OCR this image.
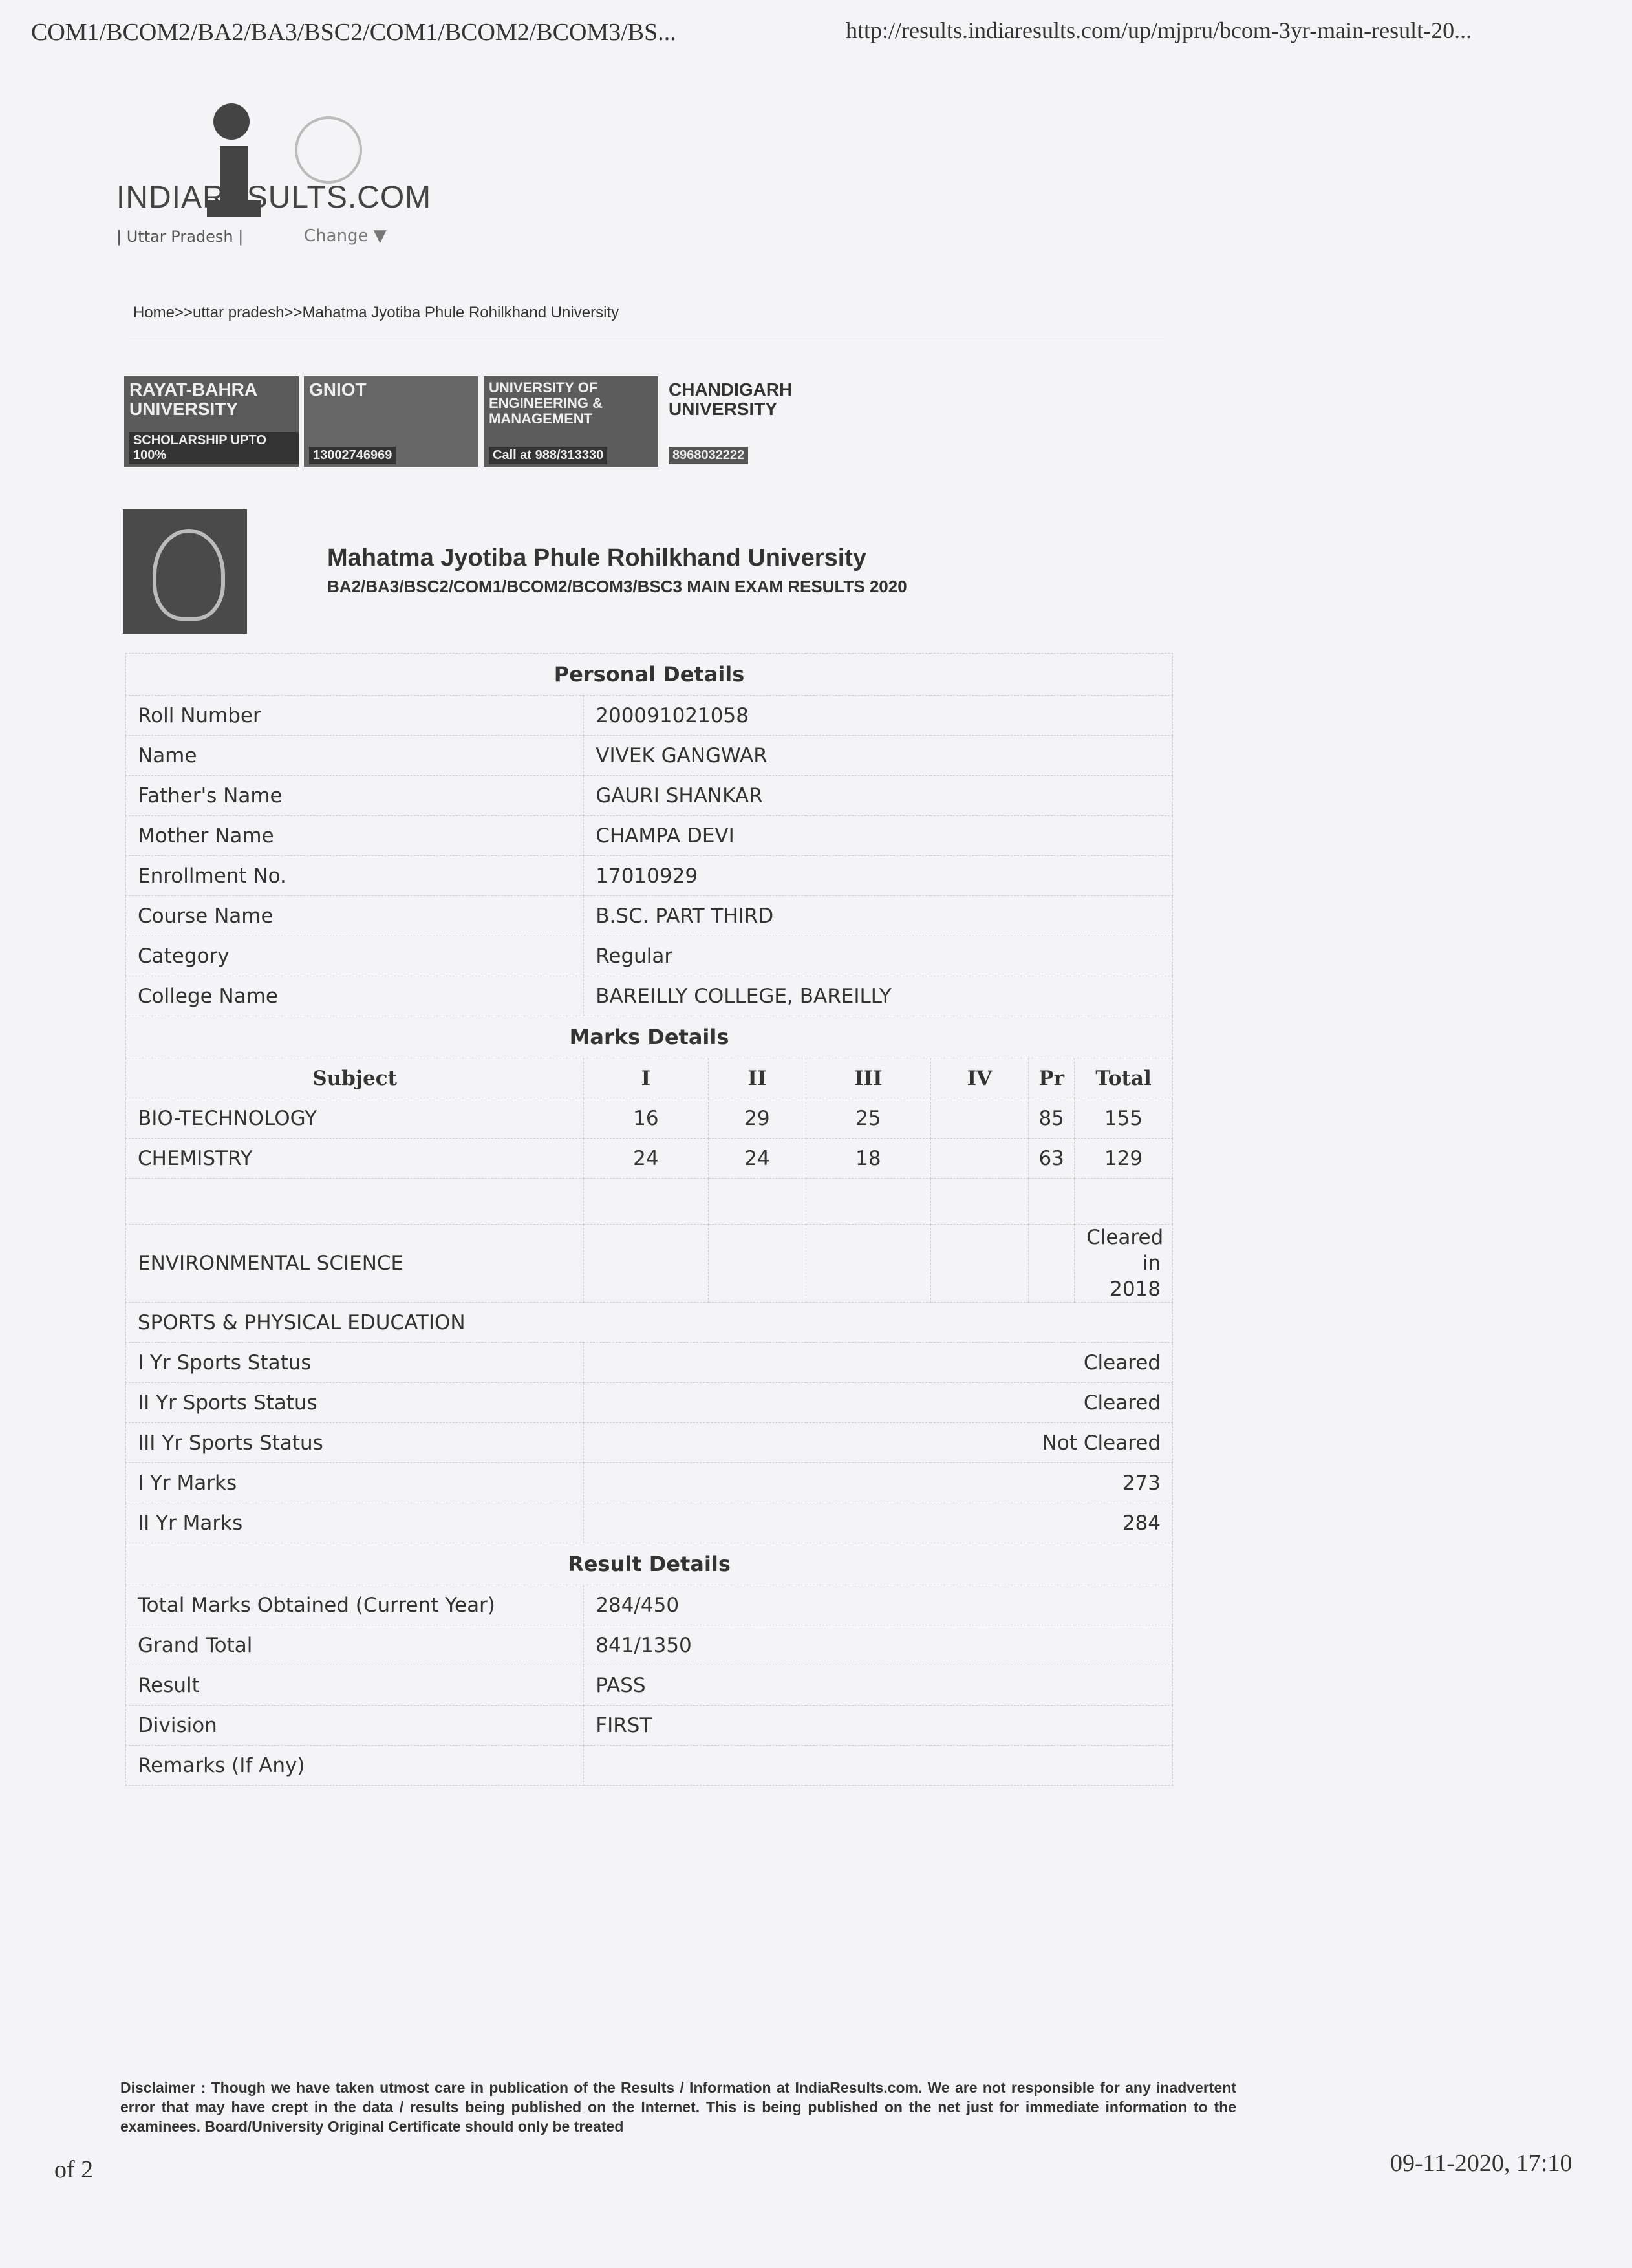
COM1/BCOM2/BA2/BA3/BSC2/COM1/BCOM2/BCOM3/BS...	http://results.indiaresults.com/up/mjpru/bcom-3yr-main-result-20...
INDIARESULTS.COM
| Uttar Pradesh |	Change ▼
Home>>uttar pradesh>>Mahatma Jyotiba Phule Rohilkhand University
RAYAT-BAHRA UNIVERSITY
SCHOLARSHIP UPTO 100%
GNIOT
13002746969
UNIVERSITY OF ENGINEERING & MANAGEMENT
Call at 988/313330
CHANDIGARH UNIVERSITY
8968032222
Mahatma Jyotiba Phule Rohilkhand University
BA2/BA3/BSC2/COM1/BCOM2/BCOM3/BSC3 MAIN EXAM RESULTS 2020
Personal Details						
Roll Number	200091021058					
Name	VIVEK GANGWAR					
Father's Name	GAURI SHANKAR					
Mother Name	CHAMPA DEVI					
Enrollment No.	17010929					
Course Name	B.SC. PART THIRD					
Category	Regular					
College Name	BAREILLY COLLEGE, BAREILLY					
Marks Details						
Subject	I	II	III	IV	Pr	Total
BIO-TECHNOLOGY	16	29	25		85	155
CHEMISTRY	24	24	18		63	129

ENVIRONMENTAL SCIENCE						Cleared in 2018
SPORTS & PHYSICAL EDUCATION						
I Yr Sports Status	Cleared					
II Yr Sports Status	Cleared					
III Yr Sports Status	Not Cleared					
I Yr Marks	273					
II Yr Marks	284					
Result Details						
Total Marks Obtained (Current Year)	284/450					
Grand Total	841/1350					
Result	PASS					
Division	FIRST					
Remarks (If Any)						
Disclaimer : Though we have taken utmost care in publication of the Results / Information at IndiaResults.com. We are not responsible for any inadvertent error that may have crept in the data / results being published on the Internet. This is being published on the net just for immediate information to the examinees. Board/University Original Certificate should only be treated
of 2	09-11-2020, 17:10
